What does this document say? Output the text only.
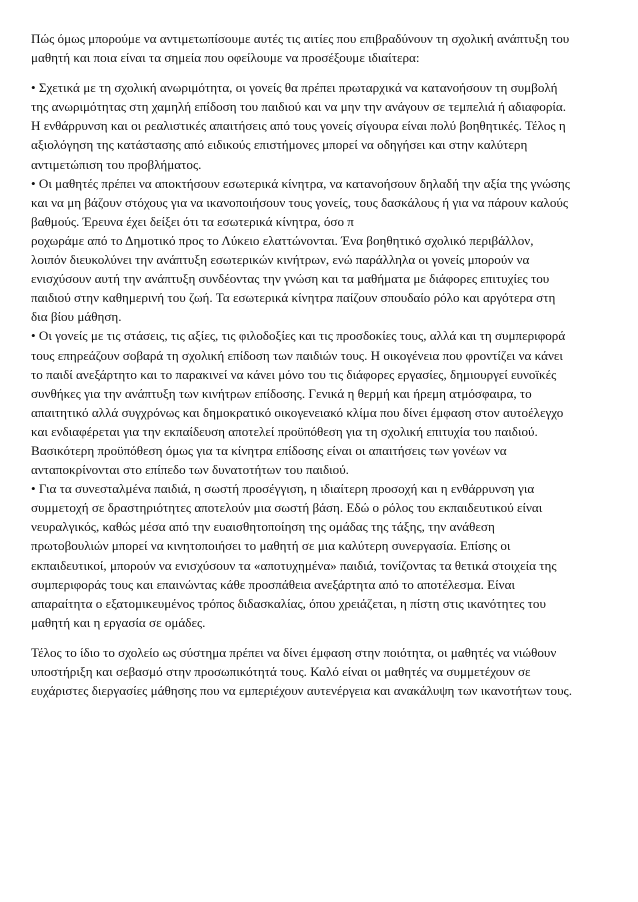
Πώς όμως μπορούμε να αντιμετωπίσουμε αυτές τις αιτίες που επιβραδύνουν τη σχολική ανάπτυξη του
μαθητή και ποια είναι τα σημεία που οφείλουμε να προσέξουμε ιδιαίτερα:
• Σχετικά με τη σχολική ανωριμότητα, οι γονείς θα πρέπει πρωταρχικά να κατανοήσουν τη συμβολή
της ανωριμότητας στη χαμηλή επίδοση του παιδιού και να μην την ανάγουν σε τεμπελιά ή αδιαφορία.
Η ενθάρρυνση και οι ρεαλιστικές απαιτήσεις από τους γονείς σίγουρα είναι πολύ βοηθητικές. Τέλος η
αξιολόγηση της κατάστασης από ειδικούς επιστήμονες μπορεί να οδηγήσει και στην καλύτερη
αντιμετώπιση του προβλήματος.
• Οι μαθητές πρέπει να αποκτήσουν εσωτερικά κίνητρα, να κατανοήσουν δηλαδή την αξία της γνώσης
και να μη βάζουν στόχους για να ικανοποιήσουν τους γονείς, τους δασκάλους ή για να πάρουν καλούς
βαθμούς. Έρευνα έχει δείξει ότι τα εσωτερικά κίνητρα, όσο π
ροχωράμε από το Δημοτικό προς το Λύκειο ελαττώνονται. Ένα βοηθητικό σχολικό περιβάλλον,
λοιπόν διευκολύνει την ανάπτυξη εσωτερικών κινήτρων, ενώ παράλληλα οι γονείς μπορούν να
ενισχύσουν αυτή την ανάπτυξη συνδέοντας την γνώση και τα μαθήματα με διάφορες επιτυχίες του
παιδιού στην καθημερινή του ζωή. Τα εσωτερικά κίνητρα παίζουν σπουδαίο ρόλο και αργότερα στη
δια βίου μάθηση.
• Οι γονείς με τις στάσεις, τις αξίες, τις φιλοδοξίες και τις προσδοκίες τους, αλλά και τη συμπεριφορά
τους επηρεάζουν σοβαρά τη σχολική επίδοση των παιδιών τους. Η οικογένεια που φροντίζει να κάνει
το παιδί ανεξάρτητο και το παρακινεί να κάνει μόνο του τις διάφορες εργασίες, δημιουργεί ευνοϊκές
συνθήκες για την ανάπτυξη των κινήτρων επίδοσης. Γενικά η θερμή και ήρεμη ατμόσφαιρα, το
απαιτητικό αλλά συγχρόνως και δημοκρατικό οικογενειακό κλίμα που δίνει έμφαση στον αυτοέλεγχο
και ενδιαφέρεται για την εκπαίδευση αποτελεί προϋπόθεση για τη σχολική επιτυχία του παιδιού.
Βασικότερη προϋπόθεση όμως για τα κίνητρα επίδοσης είναι οι απαιτήσεις των γονέων να
ανταποκρίνονται στο επίπεδο των δυνατοτήτων του παιδιού.
• Για τα συνεσταλμένα παιδιά, η σωστή προσέγγιση, η ιδιαίτερη προσοχή και η ενθάρρυνση για
συμμετοχή σε δραστηριότητες αποτελούν μια σωστή βάση. Εδώ ο ρόλος του εκπαιδευτικού είναι
νευραλγικός, καθώς μέσα από την ευαισθητοποίηση της ομάδας της τάξης, την ανάθεση
πρωτοβουλιών μπορεί να κινητοποιήσει το μαθητή σε μια καλύτερη συνεργασία. Επίσης οι
εκπαιδευτικοί, μπορούν να ενισχύσουν τα «αποτυχημένα» παιδιά, τονίζοντας τα θετικά στοιχεία της
συμπεριφοράς τους και επαινώντας κάθε προσπάθεια ανεξάρτητα από το αποτέλεσμα. Είναι
απαραίτητα ο εξατομικευμένος τρόπος διδασκαλίας, όπου χρειάζεται, η πίστη στις ικανότητες του
μαθητή και η εργασία σε ομάδες.
Τέλος το ίδιο το σχολείο ως σύστημα πρέπει να δίνει έμφαση στην ποιότητα, οι μαθητές να νιώθουν
υποστήριξη και σεβασμό στην προσωπικότητά τους. Καλό είναι οι μαθητές να συμμετέχουν σε
ευχάριστες διεργασίες μάθησης που να εμπεριέχουν αυτενέργεια και ανακάλυψη των ικανοτήτων τους.
